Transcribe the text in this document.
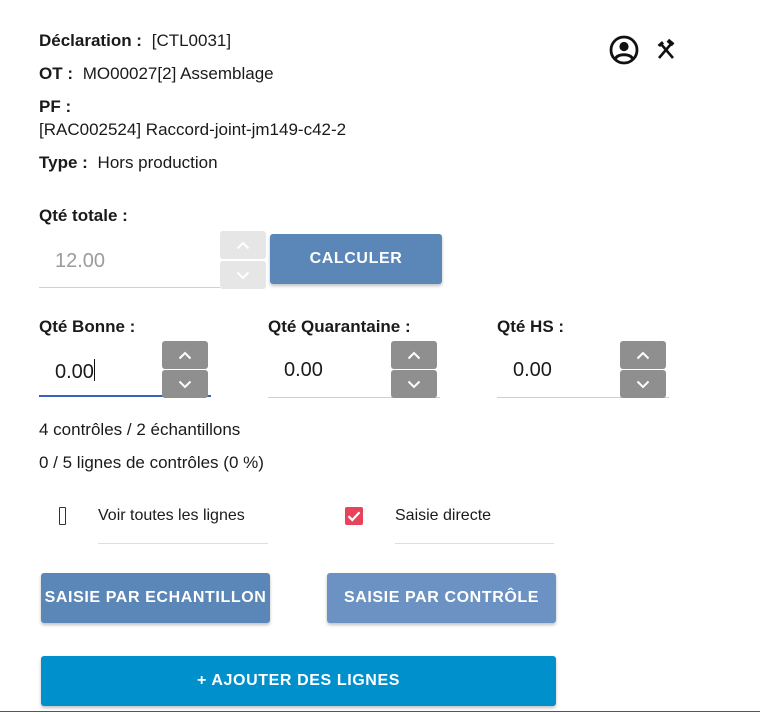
Déclaration : [CTL0031]
OT : MO00027[2] Assemblage
PF :
[RAC002524] Raccord-joint-jm149-c42-2
Type : Hors production
Qté totale :
12.00	CALCULER
Qté Bonne :
0.00
Qté Quarantaine :
0.00
Qté HS :
0.00
4 contrôles / 2 échantillons
0 / 5 lignes de contrôles (0 %)
Voir toutes les lignes	Saisie directe
SAISIE PAR ECHANTILLON	SAISIE PAR CONTRÔLE
+ AJOUTER DES LIGNES
